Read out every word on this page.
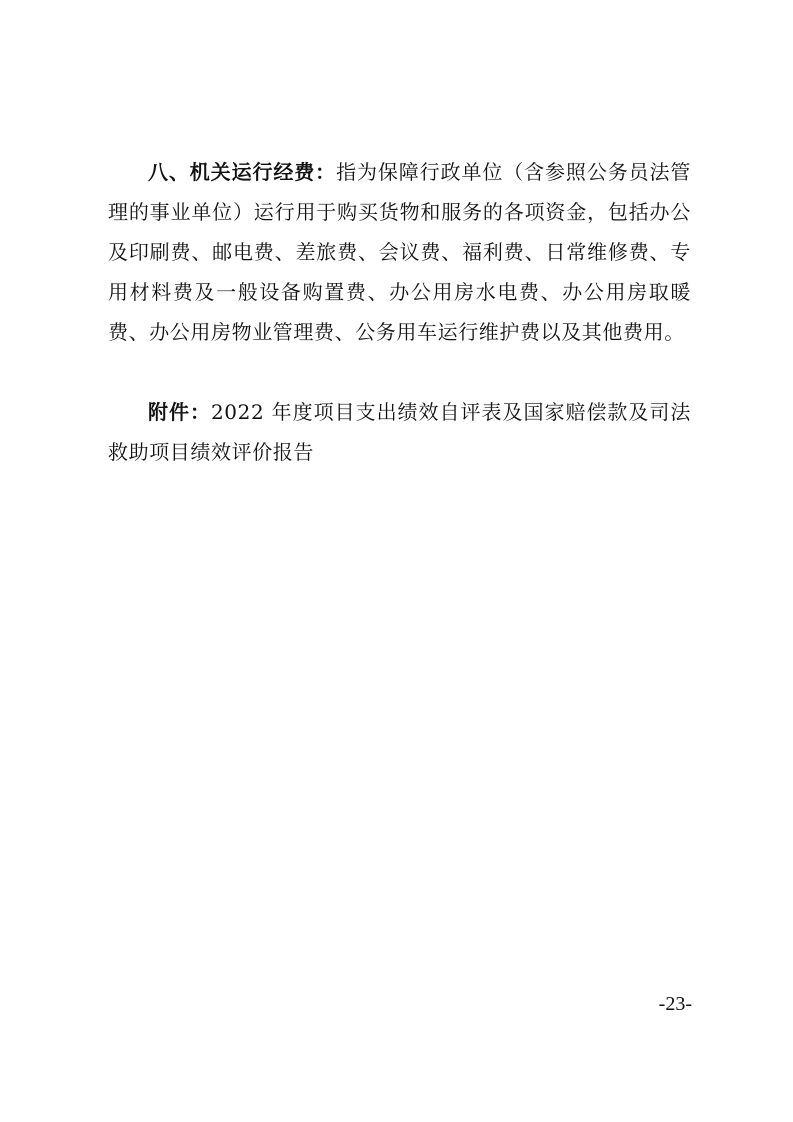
八、机关运行经费：指为保障行政单位（含参照公务员法管理的事业单位）运行用于购买货物和服务的各项资金，包括办公及印刷费、邮电费、差旅费、会议费、福利费、日常维修费、专用材料费及一般设备购置费、办公用房水电费、办公用房取暖费、办公用房物业管理费、公务用车运行维护费以及其他费用。

附件：2022 年度项目支出绩效自评表及国家赔偿款及司法救助项目绩效评价报告

-23-
